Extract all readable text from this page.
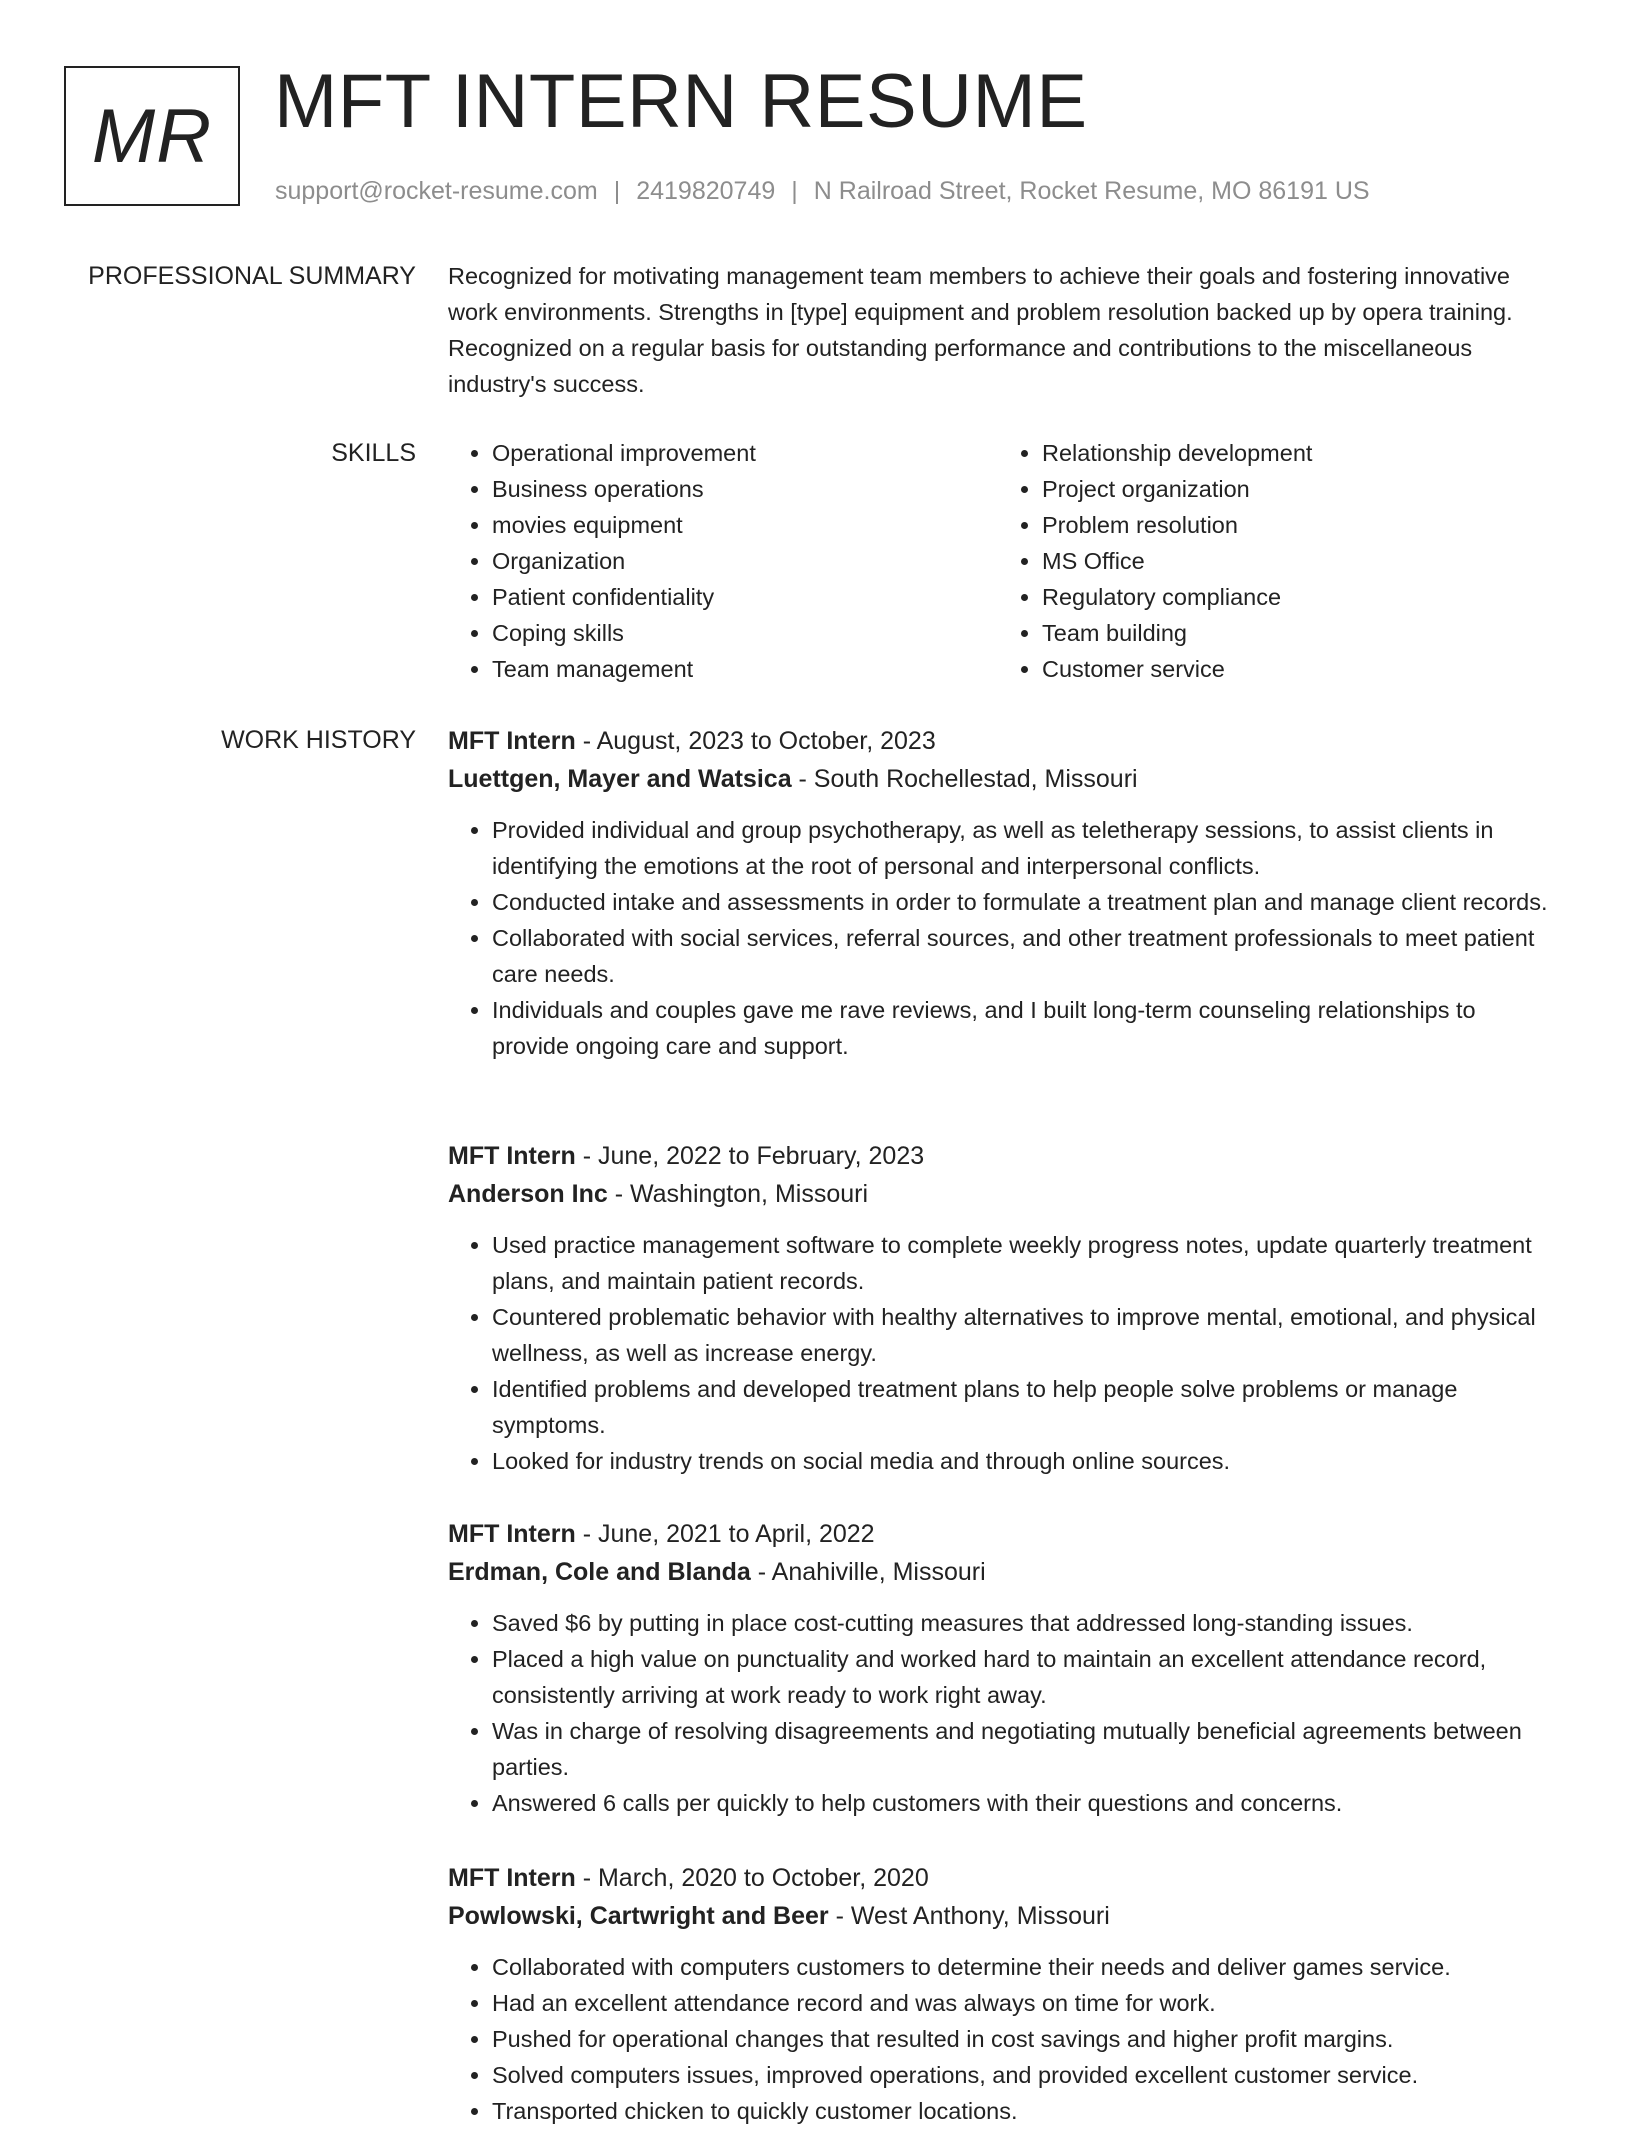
MR MFT INTERN RESUME
support@rocket-resume.com | 2419820749 | N Railroad Street, Rocket Resume, MO 86191 US
PROFESSIONAL SUMMARY Recognized for motivating management team members to achieve their goals and fostering innovative work environments. Strengths in [type] equipment and problem resolution backed up by opera training. Recognized on a regular basis for outstanding performance and contributions to the miscellaneous industry's success.

SKILLS
•	Operational improvement
• Business operations
• movies equipment
• Organization
• Patient confidentiality
• Coping skills
• Team management
• Relationship development
• Project organization
• Problem resolution
• MS Office
• Regulatory compliance
• Team building
• Customer service
WORK HISTORY MFT Intern - August, 2023 to October, 2023
Luettgen, Mayer and Watsica - South Rochellestad, Missouri
• Provided individual and group psychotherapy, as well as teletherapy sessions, to assist clients in identifying the emotions at the root of personal and interpersonal conflicts.
• Conducted intake and assessments in order to formulate a treatment plan and manage client records.
• Collaborated with social services, referral sources, and other treatment professionals to meet patient care needs.
• Individuals and couples gave me rave reviews, and I built long-term counseling relationships to provide ongoing care and support.
MFT Intern - June, 2022 to February, 2023
Anderson Inc - Washington, Missouri
• Used practice management software to complete weekly progress notes, update quarterly treatment plans, and maintain patient records.
• Countered problematic behavior with healthy alternatives to improve mental, emotional, and physical wellness, as well as increase energy.
• Identified problems and developed treatment plans to help people solve problems or manage symptoms.
• Looked for industry trends on social media and through online sources.
MFT Intern - June, 2021 to April, 2022
Erdman, Cole and Blanda - Anahiville, Missouri
• Saved $6 by putting in place cost-cutting measures that addressed long-standing issues.
• Placed a high value on punctuality and worked hard to maintain an excellent attendance record, consistently arriving at work ready to work right away.
• Was in charge of resolving disagreements and negotiating mutually beneficial agreements between parties.
• Answered 6 calls per quickly to help customers with their questions and concerns.
MFT Intern - March, 2020 to October, 2020
Powlowski, Cartwright and Beer - West Anthony, Missouri
• Collaborated with computers customers to determine their needs and deliver games service.
• Had an excellent attendance record and was always on time for work.
• Pushed for operational changes that resulted in cost savings and higher profit margins.
• Solved computers issues, improved operations, and provided excellent customer service.
• Transported chicken to quickly customer locations.
